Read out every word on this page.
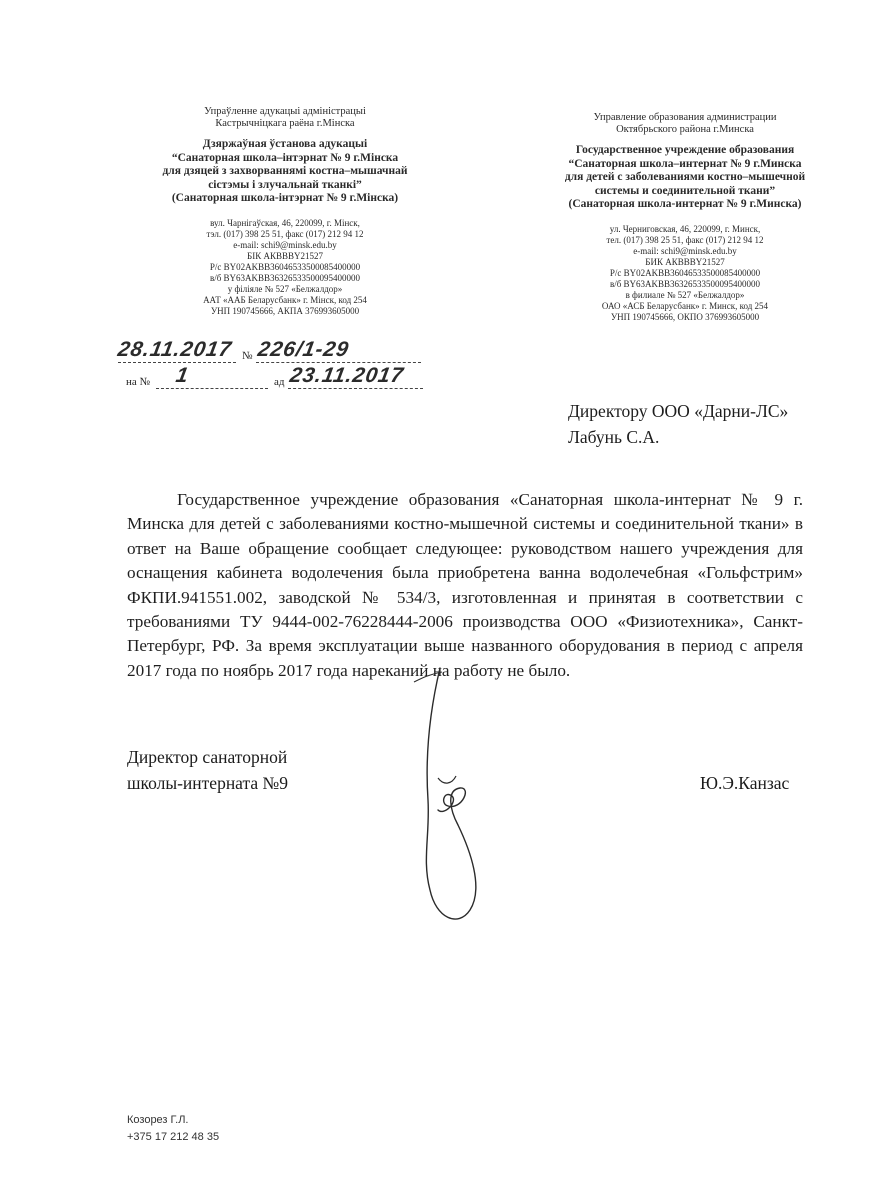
Упраўленне адукацыі адміністрацыі
Кастрычніцкага раёна г.Мінска
Дзяржаўная ўстанова адукацыі
“Санаторная школа–інтэрнат № 9 г.Мінска
для дзяцей з захворваннямі костна–мышачнай
сістэмы і злучальнай тканкі”
(Санаторная школа-інтэрнат № 9 г.Мінска)
вул. Чарнігаўская, 46, 220099, г. Мінск,
тэл. (017) 398 25 51, факс (017) 212 94 12
e-mail: schi9@minsk.edu.by
БІК АКВВВY21527
Р/с BY02AKBB36046533500085400000
в/б BY63AKBB36326533500095400000
у філіяле № 527 «Белжалдор»
ААТ «ААБ Беларусбанк» г. Мінск, код 254
УНП 190745666, АКПА 376993605000
Управление образования администрации
Октябрьского района г.Минска
Государственное учреждение образования
“Санаторная школа–интернат № 9 г.Минска
для детей с заболеваниями костно–мышечной
системы и соединительной ткани”
(Санаторная школа-интернат № 9 г.Минска)
ул. Черниговская, 46, 220099, г. Минск,
тел. (017) 398 25 51, факс (017) 212 94 12
e-mail: schi9@minsk.edu.by
БИК АКВВВY21527
Р/с BY02AKBB36046533500085400000
в/б BY63AKBB36326533500095400000
в филиале № 527 «Белжалдор»
ОАО «АСБ Беларусбанк» г. Минск, код 254
УНП 190745666, ОКПО 376993605000
28.11.2017 № 226/1-29
на № 1	ад 23.11.2017
Директору ООО «Дарни-ЛС»
Лабунь С.А.
Государственное учреждение образования «Санаторная школа-интернат № 9 г. Минска для детей с заболеваниями костно-мышечной системы и соединительной ткани» в ответ на Ваше обращение сообщает следующее: руководством нашего учреждения для оснащения кабинета водолечения была приобретена ванна водолечебная «Гольфстрим» ФКПИ.941551.002, заводской № 534/3, изготовленная и принятая в соответствии с требованиями ТУ 9444-002-76228444-2006 производства ООО «Физиотехника», Санкт-Петербург, РФ. За время эксплуатации выше названного оборудования в период с апреля 2017 года по ноябрь 2017 года нареканий на работу не было.
Директор санаторной
школы-интерната №9	Ю.Э.Канзас
Козорез Г.Л.
+375 17 212 48 35
